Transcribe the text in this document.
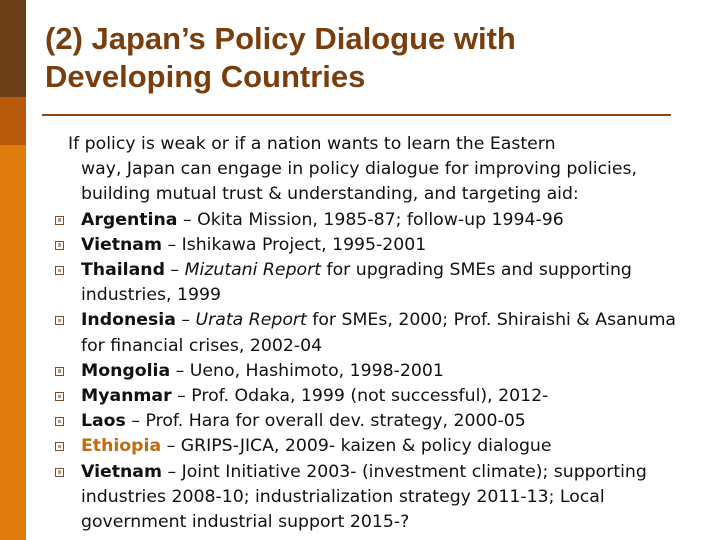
(2) Japan’s Policy Dialogue with Developing Countries
If policy is weak or if a nation wants to learn the Eastern
way, Japan can engage in policy dialogue for improving policies, building mutual trust & understanding, and targeting aid:
Argentina – Okita Mission, 1985-87; follow-up 1994-96
Vietnam – Ishikawa Project, 1995-2001
Thailand – Mizutani Report for upgrading SMEs and supporting industries, 1999
Indonesia – Urata Report for SMEs, 2000; Prof. Shiraishi & Asanuma for financial crises, 2002-04
Mongolia – Ueno, Hashimoto, 1998-2001
Myanmar – Prof. Odaka, 1999 (not successful), 2012-
Laos – Prof. Hara for overall dev. strategy, 2000-05
Ethiopia – GRIPS-JICA, 2009- kaizen & policy dialogue
Vietnam – Joint Initiative 2003- (investment climate); supporting industries 2008-10; industrialization strategy 2011-13; Local government industrial support 2015-?
